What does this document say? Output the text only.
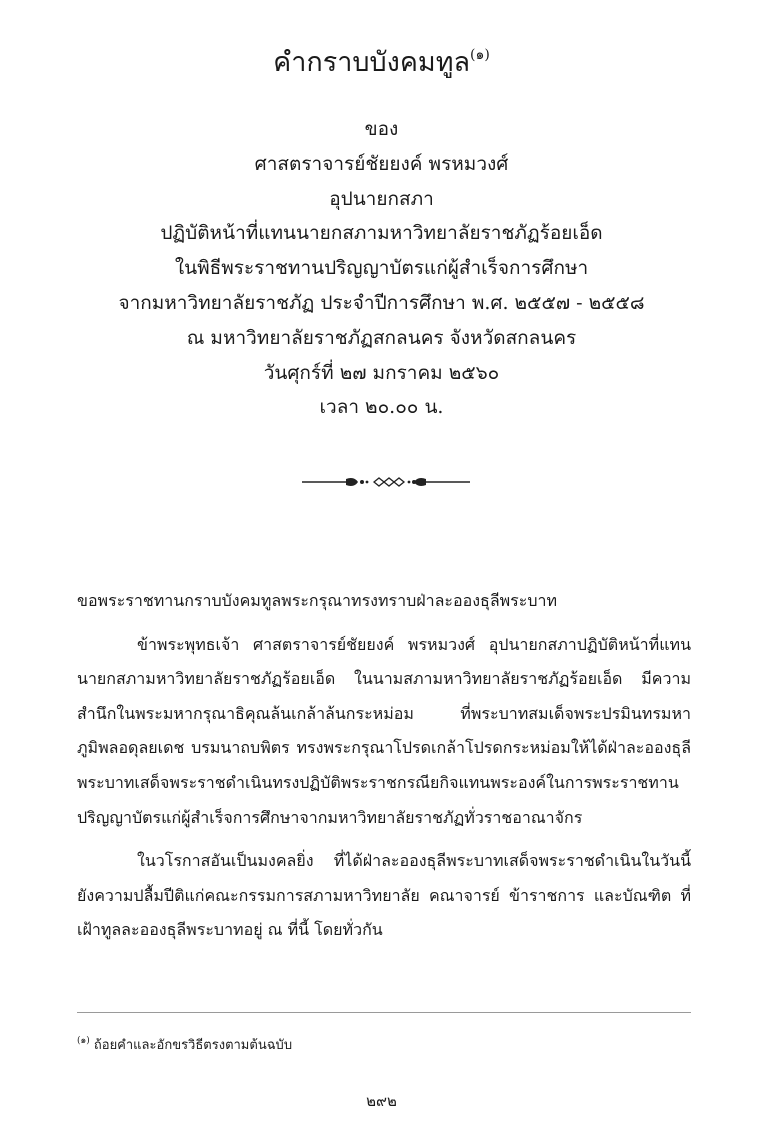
คำกราบบังคมทูล$^{(๑)}$
ของ
ศาสตราจารย์ชัยยงค์ พรหมวงศ์
อุปนายกสภา
ปฏิบัติหน้าที่แทนนายกสภามหาวิทยาลัยราชภัฏร้อยเอ็ด
ในพิธีพระราชทานปริญญาบัตรแก่ผู้สำเร็จการศึกษา
จากมหาวิทยาลัยราชภัฏ ประจำปีการศึกษา พ.ศ. ๒๕๕๗ - ๒๕๕๘
ณ มหาวิทยาลัยราชภัฏสกลนคร จังหวัดสกลนคร
วันศุกร์ที่ ๒๗ มกราคม ๒๕๖๐
เวลา ๒๐.๐๐ น.

ขอพระราชทานกราบบังคมทูลพระกรุณาทรงทราบฝ่าละอองธุลีพระบาท

ข้าพระพุทธเจ้า ศาสตราจารย์ชัยยงค์ พรหมวงศ์ อุปนายกสภาปฏิบัติหน้าที่แทนนายกสภามหาวิทยาลัยราชภัฏร้อยเอ็ด ในนามสภามหาวิทยาลัยราชภัฏร้อยเอ็ด มีความสำนึกในพระมหากรุณาธิคุณล้นเกล้าล้นกระหม่อม ที่พระบาทสมเด็จพระปรมินทรมหาภูมิพลอดุลยเดช บรมนาถบพิตร ทรงพระกรุณาโปรดเกล้าโปรดกระหม่อมให้ได้ฝ่าละอองธุลีพระบาทเสด็จพระราชดำเนินทรงปฏิบัติพระราชกรณียกิจแทนพระองค์ในการพระราชทานปริญญาบัตรแก่ผู้สำเร็จการศึกษาจากมหาวิทยาลัยราชภัฏทั่วราชอาณาจักร

ในวโรกาสอันเป็นมงคลยิ่ง ที่ได้ฝ่าละอองธุลีพระบาทเสด็จพระราชดำเนินในวันนี้ ยังความปลื้มปีติแก่คณะกรรมการสภามหาวิทยาลัย คณาจารย์ ข้าราชการ และบัณฑิต ที่เฝ้าทูลละอองธุลีพระบาทอยู่ ณ ที่นี้ โดยทั่วกัน

$^{(๑)}$ ถ้อยคำและอักขรวิธีตรงตามต้นฉบับ
๒๙๒
